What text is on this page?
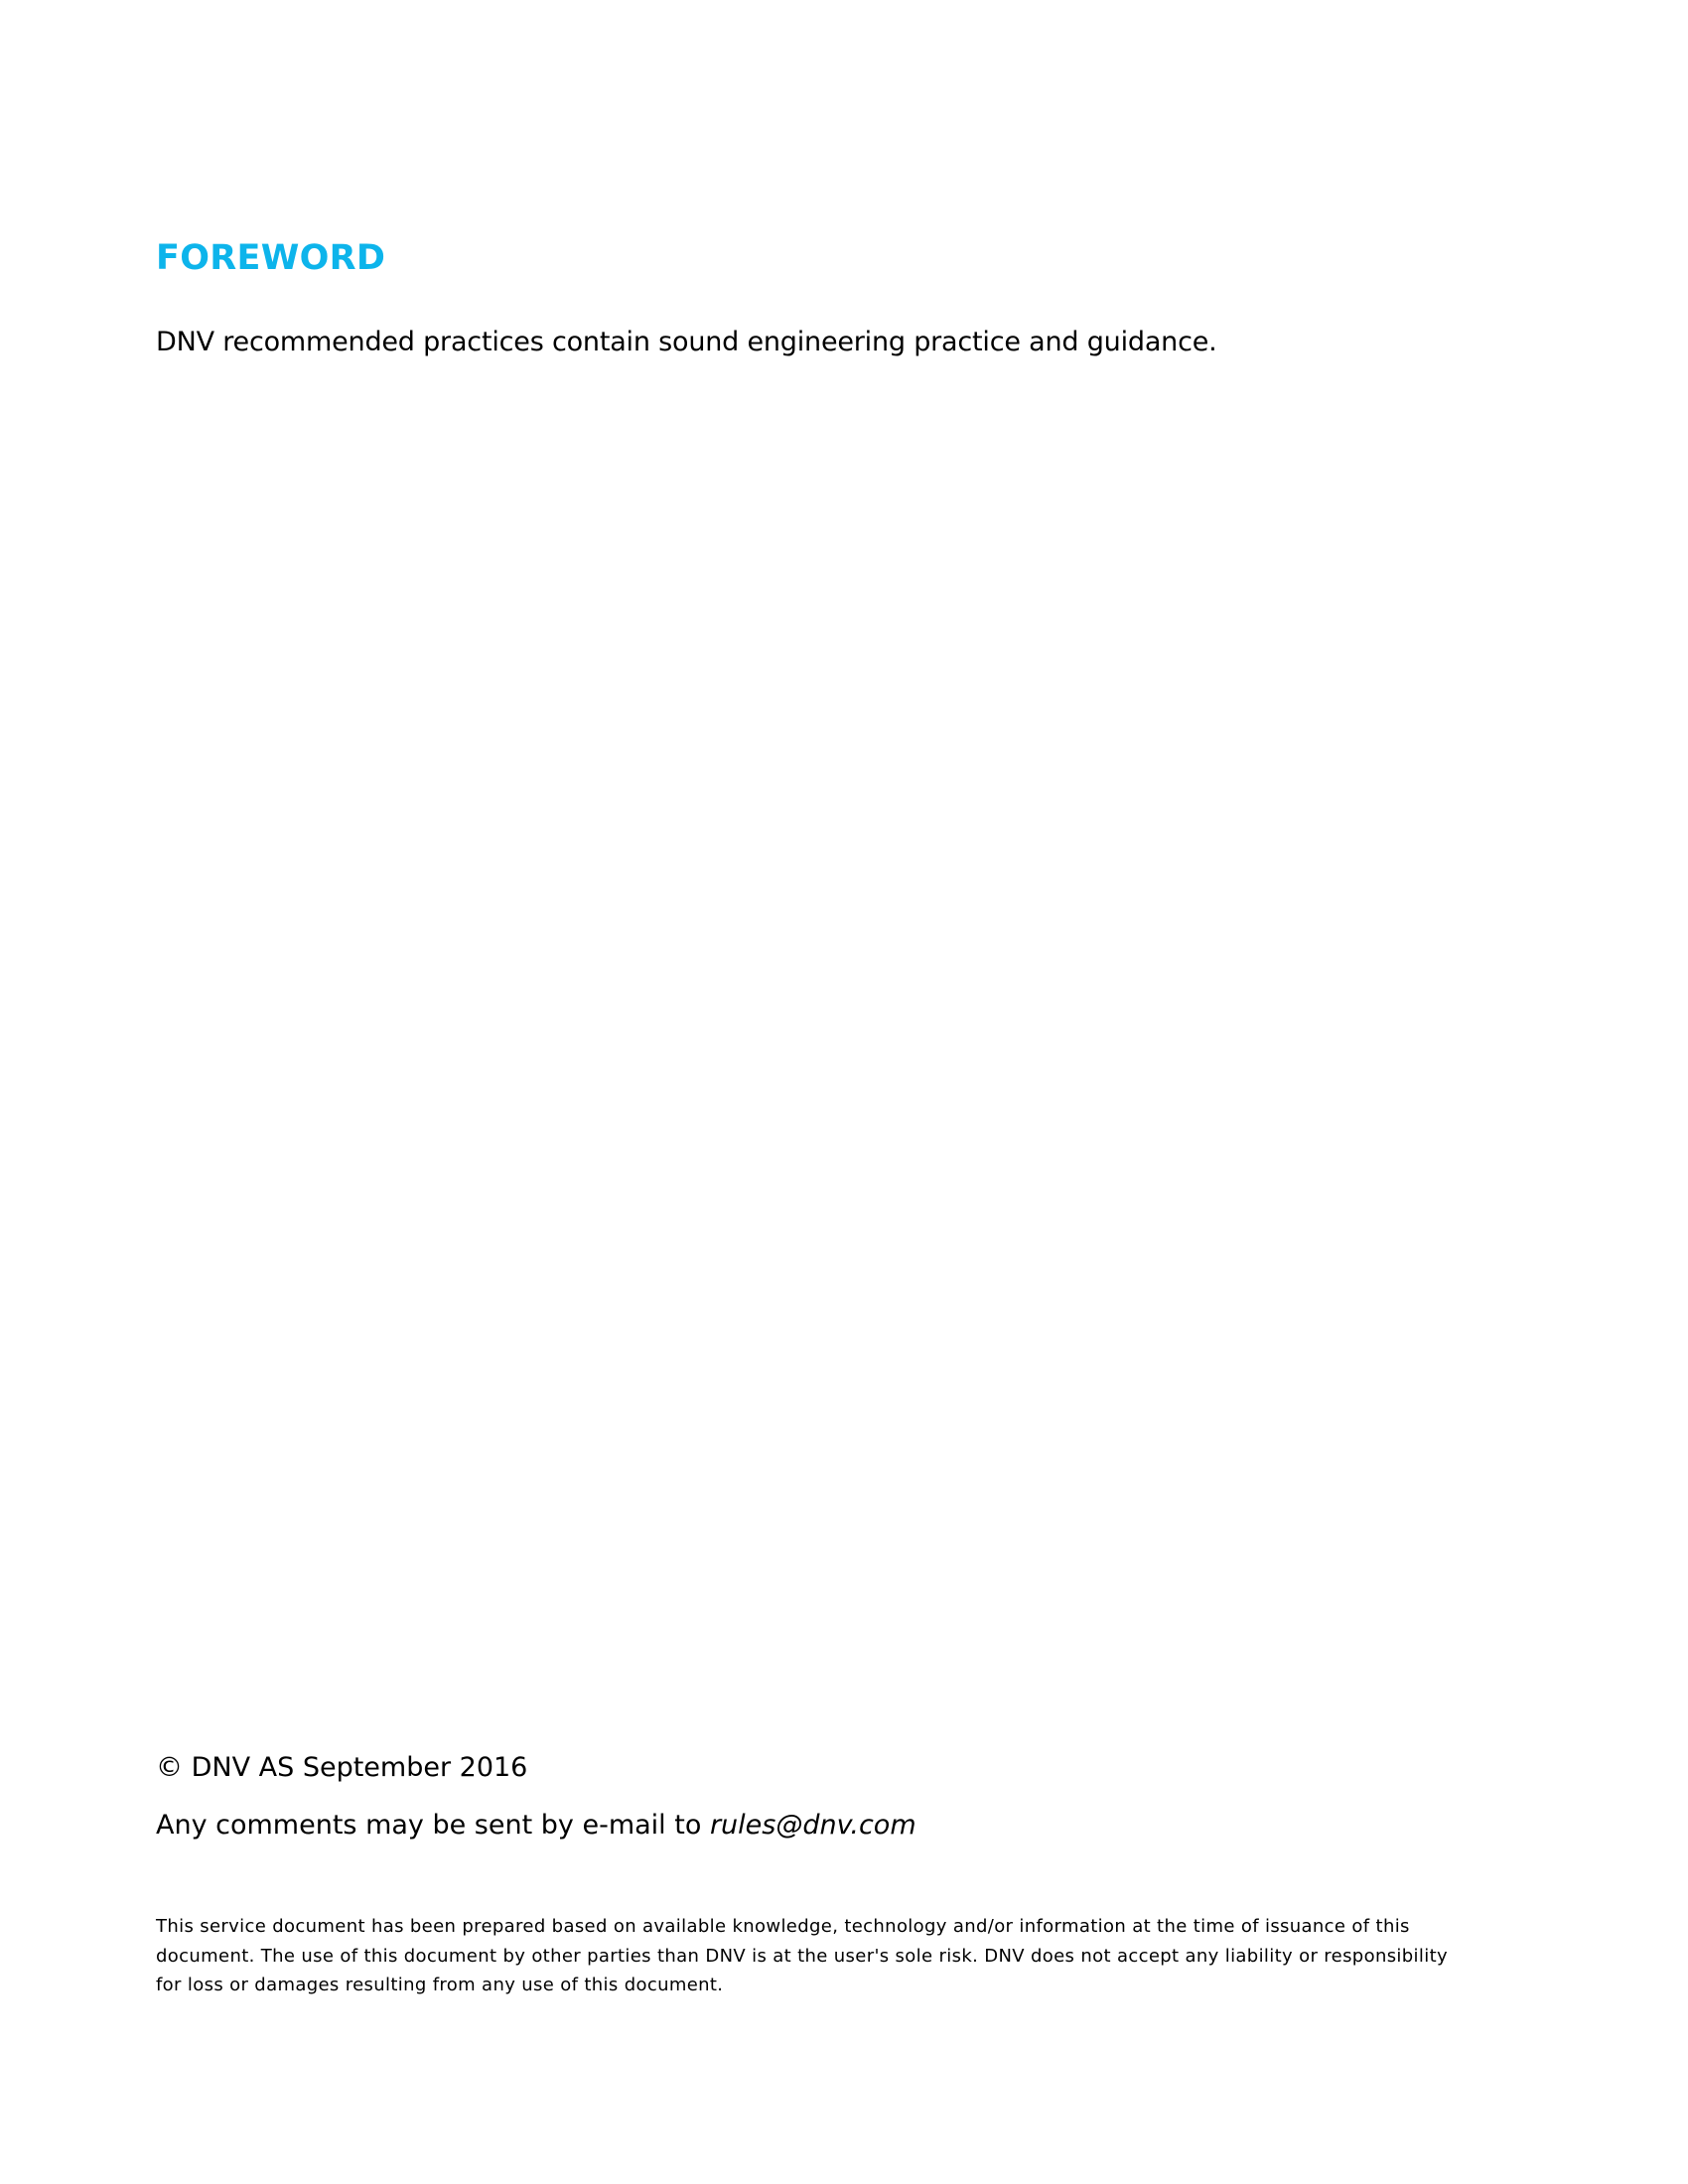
FOREWORD

DNV recommended practices contain sound engineering practice and guidance.

© DNV AS September 2016

Any comments may be sent by e-mail to rules@dnv.com

This service document has been prepared based on available knowledge, technology and/or information at the time of issuance of this
document. The use of this document by other parties than DNV is at the user's sole risk. DNV does not accept any liability or responsibility
for loss or damages resulting from any use of this document.
